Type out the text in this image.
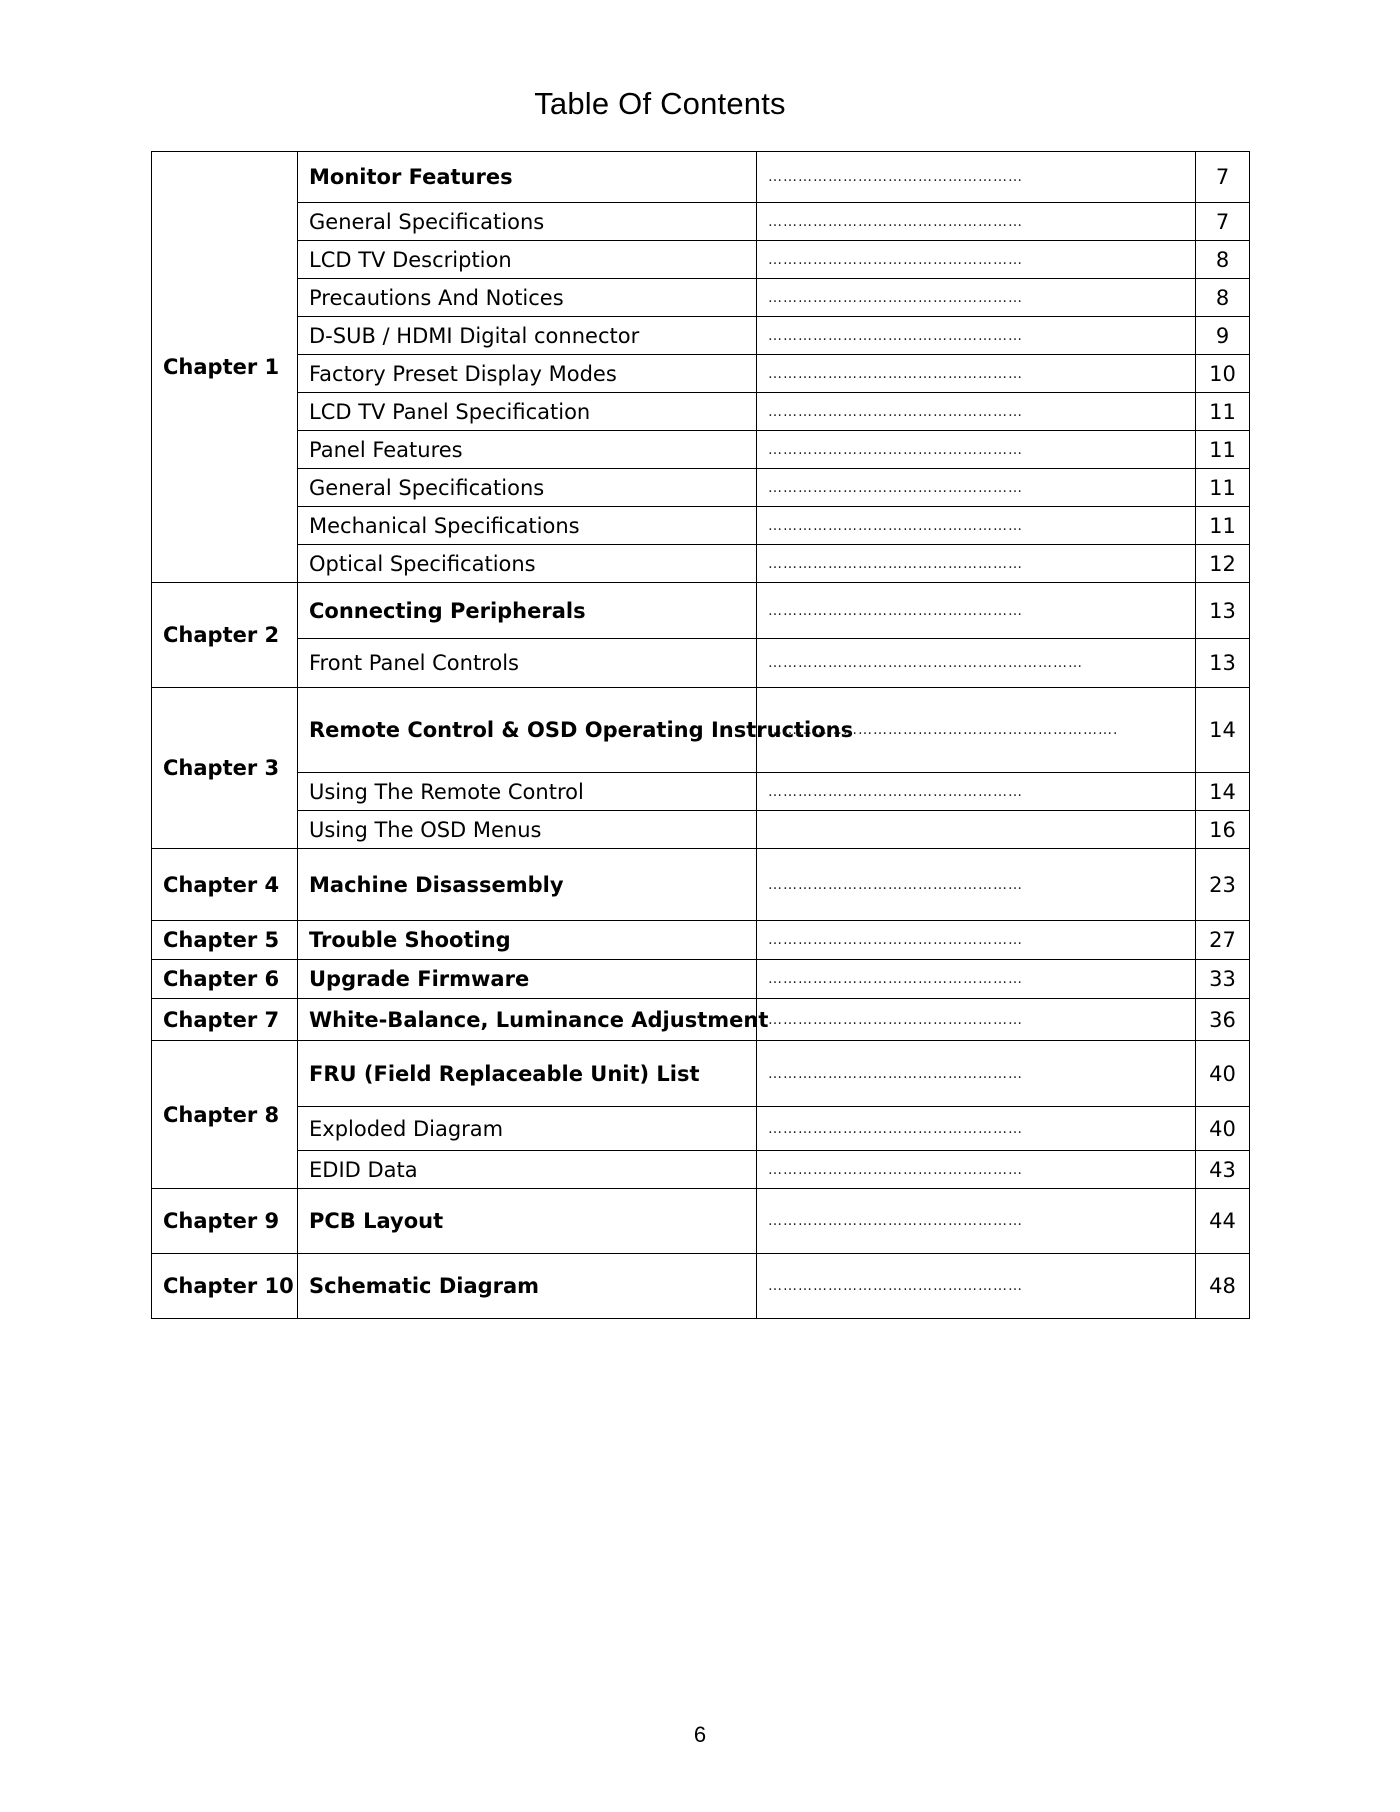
Table Of Contents
Chapter 1	Monitor Features	……………………………………………	7
	General Specifications	……………………………………………	7
	LCD TV Description	……………………………………………	8
	Precautions And Notices	……………………………………………	8
	D-SUB / HDMI Digital connector	……………………………………………	9
	Factory Preset Display Modes	……………………………………………	10
	LCD TV Panel Specification	……………………………………………	11
	Panel Features	……………………………………………	11
	General Specifications	……………………………………………	11
	Mechanical Specifications	……………………………………………	11
	Optical Specifications	……………………………………………	12
Chapter 2	Connecting Peripherals	……………………………………………	13
	Front Panel Controls	………………………………………………………	13
Chapter 3	Remote Control & OSD Operating Instructions	…………………………………………………………….	14
	Using The Remote Control	……………………………………………	14
	Using The OSD Menus		16
Chapter 4	Machine Disassembly	……………………………………………	23
Chapter 5	Trouble Shooting	……………………………………………	27
Chapter 6	Upgrade Firmware	……………………………………………	33
Chapter 7	White-Balance, Luminance Adjustment	……………………………………………	36
Chapter 8	FRU (Field Replaceable Unit) List	……………………………………………	40
	Exploded Diagram	……………………………………………	40
	EDID Data	……………………………………………	43
Chapter 9	PCB Layout	……………………………………………	44
Chapter 10	Schematic Diagram	……………………………………………	48
6
